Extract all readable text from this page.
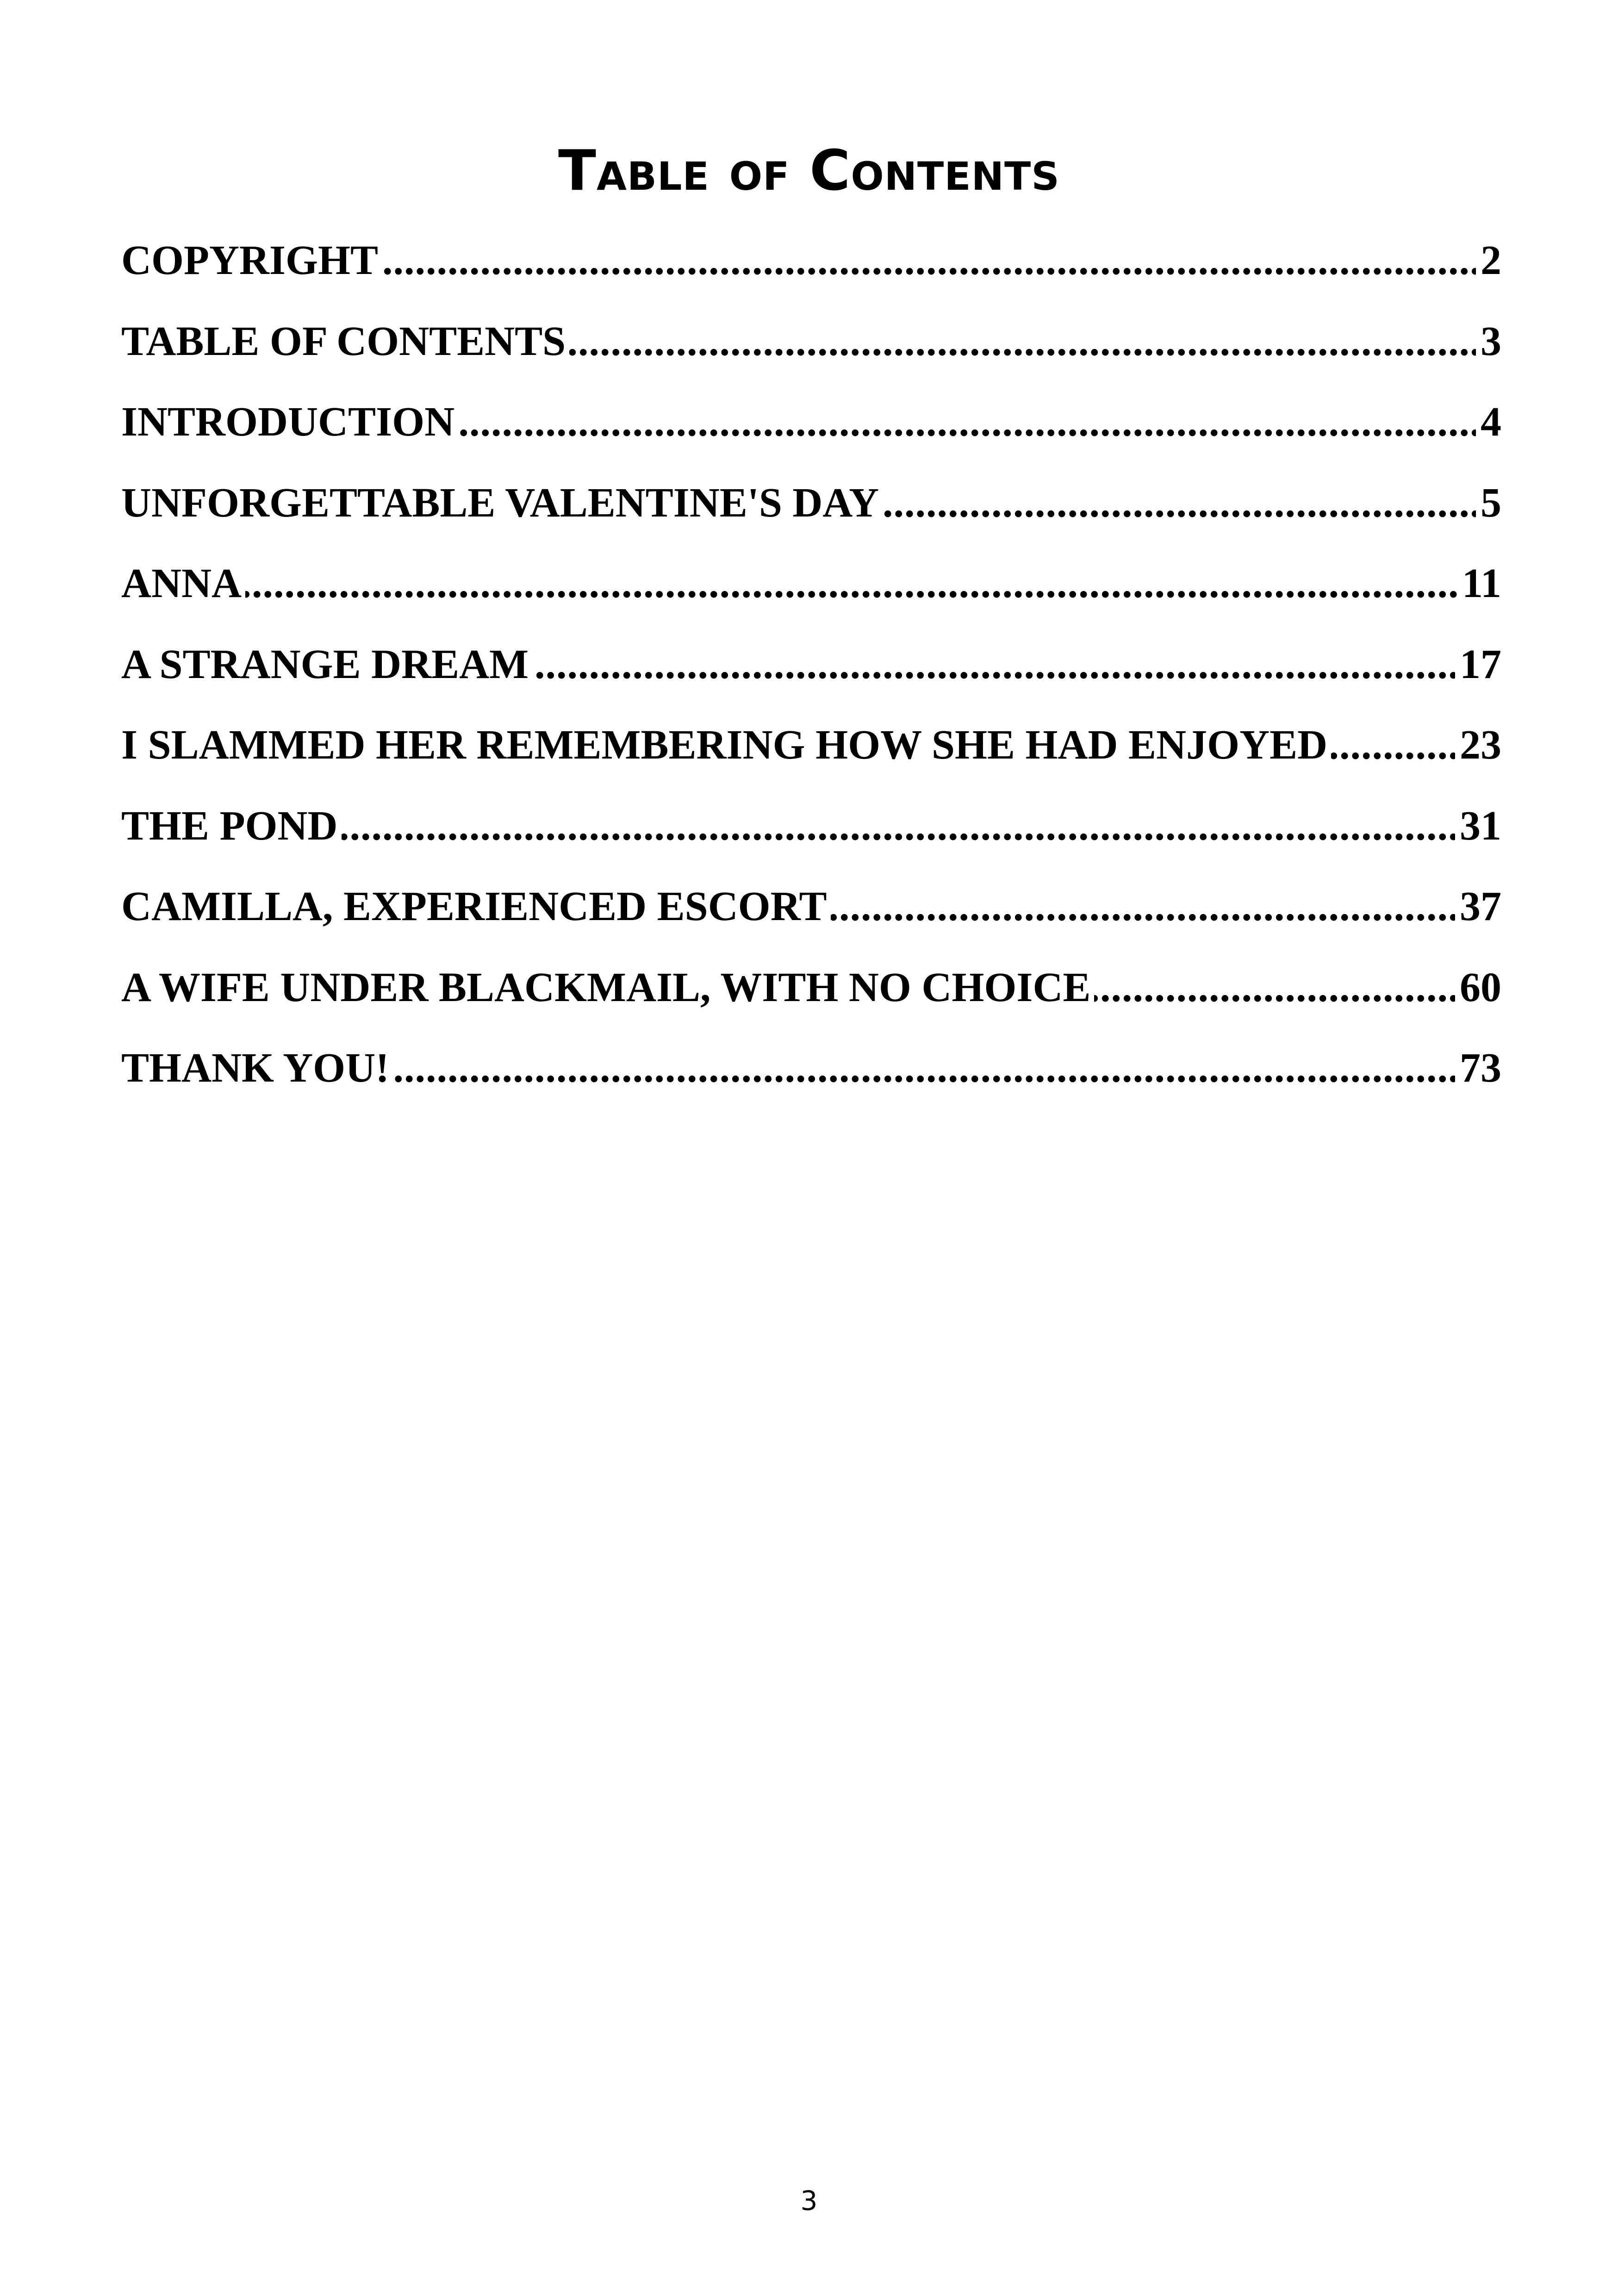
Table of Contents
COPYRIGHT .....	2
TABLE OF CONTENTS .....	3
INTRODUCTION .....	4
UNFORGETTABLE VALENTINE'S DAY .....	5
ANNA .....	11
A STRANGE DREAM .....	17
I SLAMMED HER REMEMBERING HOW SHE HAD ENJOYED .....	23
THE POND .....	31
CAMILLA, EXPERIENCED ESCORT .....	37
A WIFE UNDER BLACKMAIL, WITH NO CHOICE .....	60
THANK YOU! .....	73
3
